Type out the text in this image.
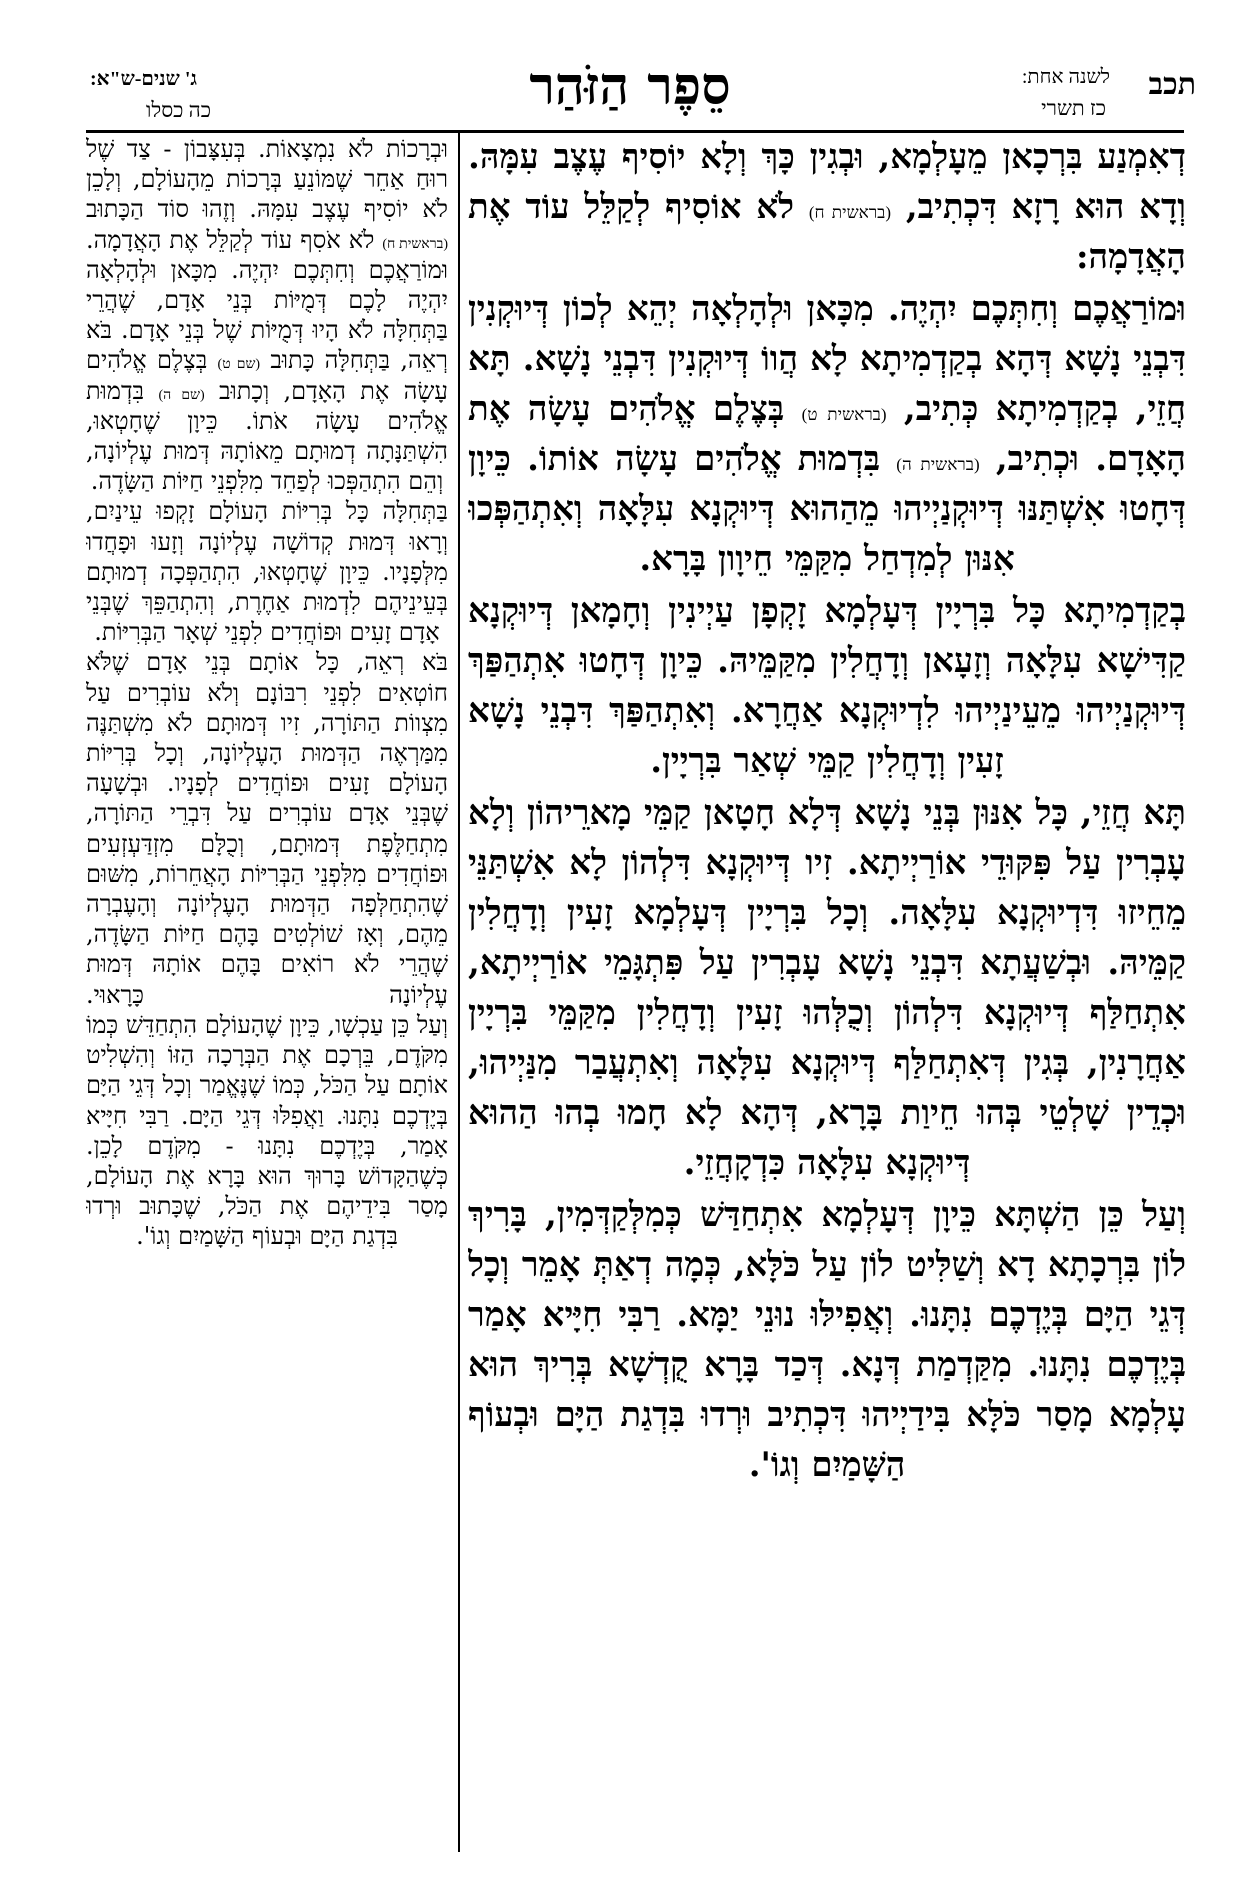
תכב
לשנה אחת:
כז תשרי
סֵפֶר הַזֹּהַר
ג' שנים-ש"א:
כה כסלו

דְאִמְנַע בִּרְכָאן מֵעָלְמָא, וּבְגִין כָּךְ וְלָא יוֹסִיף עֶצֶב עִמָּהּ. וְדָא הוּא רָזָא דִּכְתִיב, (בראשית ח) לֹא אוֹסִיף לְקַלֵּל עוֹד אֶת הָאֲדָמָה:

וּמוֹרַאֲכֶם וְחִתְּכֶם יִהְיֶה. מִכָּאן וּלְהָלְאָה יְהֵא לְכוֹן דְּיוּקְנִין דִּבְנֵי נָשָׁא דְּהָא בְקַדְמִיתָא לָא הֲווֹ דְּיוּקְנִין דִּבְנֵי נָשָׁא. תָּא חֲזֵי, בְקַדְמִיתָא כְּתִיב, (בראשית ט) בְּצֶלֶם אֱלֹהִים עָשָׂה אֶת הָאָדָם. וּכְתִיב, (בראשית ה) בִּדְמוּת אֱלֹהִים עָשָׂה אוֹתוֹ. כֵּיוָן דְּחָטוּ אִשְׁתַּנּוּ דְּיוּקְנַיְיהוּ מֵהַהוּא דְּיוּקְנָא עִלָּאָה וְאִתְהַפְּכוּ אִנּוּן לְמִדְחַל מִקַּמֵּי חֵיוָון בָּרָא.

בְקַדְמִיתָא כָּל בִּרְיָין דְּעָלְמָא זָקְפָן עַיְינִין וְחָמָאן דְּיוּקְנָא קַדִּישָׁא עִלָּאָה וְזָעָאן וְדָחֲלִין מִקַּמֵּיהּ. כֵּיוָן דְּחָטוּ אִתְהַפַּךְ דְּיוּקְנַיְיהוּ מֵעֵינַיְיהוּ לִדְיוּקְנָא אַחֲרָא. וְאִתְהַפַּךְ דִּבְנֵי נָשָׁא זָעִין וְדָחֲלִין קַמֵּי שְׁאַר בִּרְיָין.

תָּא חֲזֵי, כָּל אִנּוּן בְּנֵי נָשָׁא דְּלָא חָטָאן קַמֵּי מָארֵיהוֹן וְלָא עָבְרִין עַל פִּקּוּדֵי אוֹרַיְיתָא. זִיו דְּיוּקְנָא דִּלְהוֹן לָא אִשְׁתַּנֵּי מֵחֵיזוּ דִּדְיוּקְנָא עִלָּאָה. וְכָל בִּרְיָין דְּעָלְמָא זָעִין וְדָחֲלִין קַמֵּיהּ. וּבְשַׁעֲתָא דִּבְנֵי נָשָׁא עָבְרִין עַל פִּתְגָּמֵי אוֹרַיְיתָא, אִתְחַלַּף דְּיוּקְנָא דִּלְהוֹן וְכֻלְּהוּ זָעִין וְדָחֲלִין מִקַּמֵּי בִּרְיָין אַחֲרָנִין, בְּגִין דְּאִתְחַלַּף דְּיוּקְנָא עִלָּאָה וְאִתְעֲבַר מִנַּיְיהוּ, וּכְדֵין שָׁלְטֵי בְּהוּ חֵיוַת בָּרָא, דְּהָא לָא חָמוּ בְהוּ הַהוּא דְּיוּקְנָא עִלָּאָה כִּדְקָחֲזֵי.

וְעַל כֵּן הַשְׁתָּא כֵּיוָן דְּעָלְמָא אִתְחַדַּשׁ כְּמִלְּקַדְּמִין, בָּרִיךְ לוֹן בִּרְכָתָא דָא וְשַׁלִּיט לוֹן עַל כֹּלָּא, כְּמָה דְאַתְּ אָמֵר וְכָל דְּגֵי הַיָּם בְּיֶדְכֶם נִתָּנוּ. וְאֲפִילּוּ נוּנֵי יַמָּא. רַבִּי חִיָּיא אָמַר בְּיֶדְכֶם נִתָּנוּ. מִקַּדְמַת דְּנָא. דְּכַד בָּרָא קֻדְשָׁא בְּרִיךְ הוּא עָלְמָא מָסַר כֹּלָּא בִּידַיְיהוּ דִּכְתִיב וּרְדוּ בִּדְגַת הַיָּם וּבְעוֹף הַשָּׁמַיִם וְגוֹ'.

וּבְרָכוֹת לֹא נִמְצָאוֹת. בְּעִצָּבוֹן - צַד שֶׁל רוּחַ אַחֵר שֶׁמּוֹנֵעַ בְּרָכוֹת מֵהָעוֹלָם, וְלָכֵן לֹא יוֹסִיף עֶצֶב עִמָּהּ. וְזֶהוּ סוֹד הַכָּתוּב (בראשית ח) לֹא אֹסִף עוֹד לְקַלֵּל אֶת הָאֲדָמָה.

וּמוֹרַאֲכֶם וְחִתְּכֶם יִהְיֶה. מִכָּאן וּלְהָלְאָה יִהְיֶה לָכֶם דְּמֻיּוֹת בְּנֵי אָדָם, שֶׁהֲרֵי בַּתְּחִלָּה לֹא הָיוּ דְּמֻיּוֹת שֶׁל בְּנֵי אָדָם. בֹּא רְאֵה, בַּתְּחִלָּה כָּתוּב (שם ט) בְּצֶלֶם אֱלֹהִים עָשָׂה אֶת הָאָדָם, וְכָתוּב (שם ה) בִּדְמוּת אֱלֹהִים עָשָׂה אֹתוֹ. כֵּיוָן שֶׁחָטְאוּ, הִשְׁתַּנָּתָה דְמוּתָם מֵאוֹתָהּ דְּמוּת עֶלְיוֹנָה, וְהֵם הִתְהַפְּכוּ לְפַחֵד מִלִּפְנֵי חַיּוֹת הַשָּׂדֶה.

בַּתְּחִלָּה כָּל בְּרִיּוֹת הָעוֹלָם זָקְפוּ עֵינַיִם, וְרָאוּ דְּמוּת קְדוֹשָׁה עֶלְיוֹנָה וְזָעוּ וּפָחֲדוּ מִלְּפָנָיו. כֵּיוָן שֶׁחָטְאוּ, הִתְהַפְּכָה דְמוּתָם בְּעֵינֵיהֶם לִדְמוּת אַחֶרֶת, וְהִתְהַפֵּךְ שֶׁבְּנֵי אָדָם זָעִים וּפוֹחֲדִים לִפְנֵי שְׁאָר הַבְּרִיּוֹת.

בֹּא רְאֵה, כָּל אוֹתָם בְּנֵי אָדָם שֶׁלֹּא חוֹטְאִים לִפְנֵי רִבּוֹנָם וְלֹא עוֹבְרִים עַל מִצְווֹת הַתּוֹרָה, זִיו דְּמוּתָם לֹא מִשְׁתַּנֶּה מִמַּרְאֶה הַדְּמוּת הָעֶלְיוֹנָה, וְכָל בְּרִיּוֹת הָעוֹלָם זָעִים וּפוֹחֲדִים לְפָנָיו. וּבְשָׁעָה שֶׁבְּנֵי אָדָם עוֹבְרִים עַל דִּבְרֵי הַתּוֹרָה, מִתְחַלֶּפֶת דְּמוּתָם, וְכֻלָּם מִזְדַּעְזְעִים וּפוֹחֲדִים מִלִּפְנֵי הַבְּרִיּוֹת הָאֲחֵרוֹת, מִשּׁוּם שֶׁהִתְחַלְּפָה הַדְּמוּת הָעֶלְיוֹנָה וְהָעֶבְרָה מֵהֶם, וְאָז שׁוֹלְטִים בָּהֶם חַיּוֹת הַשָּׂדֶה, שֶׁהֲרֵי לֹא רוֹאִים בָּהֶם אוֹתָהּ דְּמוּת עֶלְיוֹנָה כָּרָאוּי.

וְעַל כֵּן עַכְשָׁו, כֵּיוָן שֶׁהָעוֹלָם הִתְחַדֵּשׁ כְּמוֹ מִקֹּדֶם, בֵּרְכָם אֶת הַבְּרָכָה הַזּוֹ וְהִשְׁלִיט אוֹתָם עַל הַכֹּל, כְּמוֹ שֶׁנֶּאֱמַר וְכָל דְּגֵי הַיָּם בְּיֶדְכֶם נִתָּנוּ. וַאֲפִלּוּ דְּגֵי הַיָּם. רַבִּי חִיָּיא אָמַר, בְּיֶדְכֶם נִתָּנוּ - מִקֹּדֶם לָכֵן. כְּשֶׁהַקָּדוֹשׁ בָּרוּךְ הוּא בָּרָא אֶת הָעוֹלָם, מָסַר בִּידֵיהֶם אֶת הַכֹּל, שֶׁכָּתוּב וּרְדוּ בִּדְגַת הַיָּם וּבְעוֹף הַשָּׁמַיִם וְגוֹ'.
